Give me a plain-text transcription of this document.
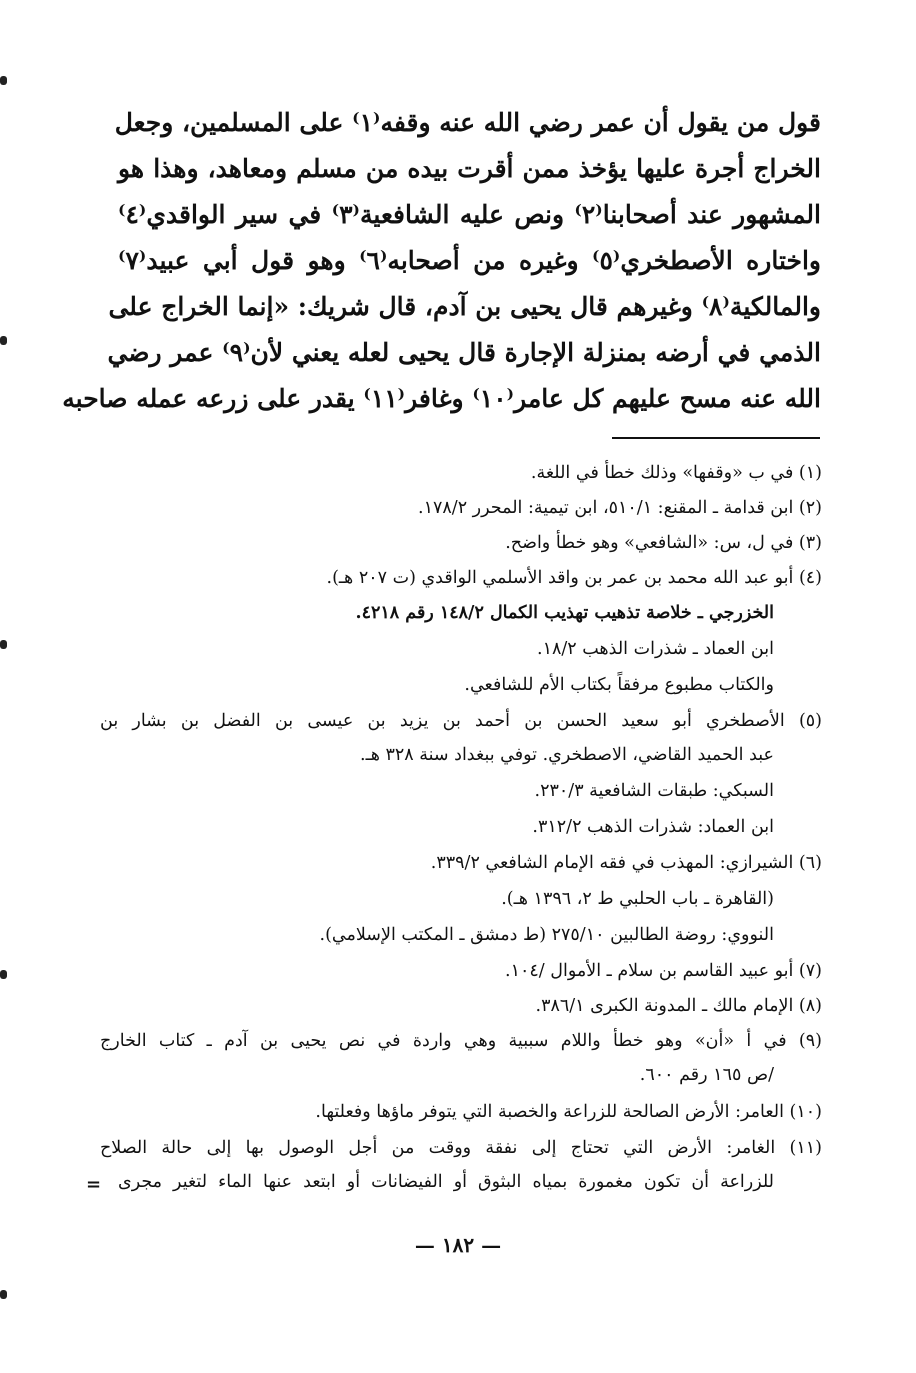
قول من يقول أن عمر رضي الله عنه وقفه⁽١⁾ على المسلمين، وجعل
الخراج أجرة عليها يؤخذ ممن أقرت بيده من مسلم ومعاهد، وهذا هو
المشهور عند أصحابنا⁽٢⁾ ونص عليه الشافعية⁽٣⁾ في سير الواقدي⁽٤⁾
واختاره الأصطخري⁽٥⁾ وغيره من أصحابه⁽٦⁾ وهو قول أبي عبيد⁽٧⁾
والمالكية⁽٨⁾ وغيرهم قال يحيى بن آدم، قال شريك: «إنما الخراج على
الذمي في أرضه بمنزلة الإجارة قال يحيى لعله يعني لأن⁽٩⁾ عمر رضي
الله عنه مسح عليهم كل عامر⁽١٠⁾ وغافر⁽١١⁾ يقدر على زرعه عمله صاحبه
(١) في ب «وقفها» وذلك خطأ في اللغة.
(٢) ابن قدامة ـ المقنع: ٥١٠/١، ابن تيمية: المحرر ١٧٨/٢.
(٣) في ل، س: «الشافعي» وهو خطأ واضح.
(٤) أبو عبد الله محمد بن عمر بن واقد الأسلمي الواقدي (ت ٢٠٧ هـ).
الخزرجي ـ خلاصة تذهيب تهذيب الكمال ١٤٨/٢ رقم ٤٢١٨.
ابن العماد ـ شذرات الذهب ١٨/٢.
والكتاب مطبوع مرفقاً بكتاب الأم للشافعي.
(٥) الأصطخري أبو سعيد الحسن بن أحمد بن يزيد بن عيسى بن الفضل بن بشار بن
عبد الحميد القاضي، الاصطخري. توفي ببغداد سنة ٣٢٨ هـ.
السبكي: طبقات الشافعية ٢٣٠/٣.
ابن العماد: شذرات الذهب ٣١٢/٢.
(٦) الشيرازي: المهذب في فقه الإمام الشافعي ٣٣٩/٢.
(القاهرة ـ باب الحلبي ط ٢، ١٣٩٦ هـ).
النووي: روضة الطالبين ٢٧٥/١٠ (ط دمشق ـ المكتب الإسلامي).
(٧) أبو عبيد القاسم بن سلام ـ الأموال /١٠٤.
(٨) الإمام مالك ـ المدونة الكبرى ٣٨٦/١.
(٩) في أ «أن» وهو خطأ واللام سببية وهي واردة في نص يحيى بن آدم ـ كتاب الخارج
/ص ١٦٥ رقم ٦٠٠.
(١٠) العامر: الأرض الصالحة للزراعة والخصبة التي يتوفر ماؤها وفعلتها.
(١١) الغامر: الأرض التي تحتاج إلى نفقة ووقت من أجل الوصول بها إلى حالة الصلاح
للزراعة أن تكون مغمورة بمياه البثوق أو الفيضانات أو ابتعد عنها الماء لتغير مجرى
=
— ١٨٢ —
